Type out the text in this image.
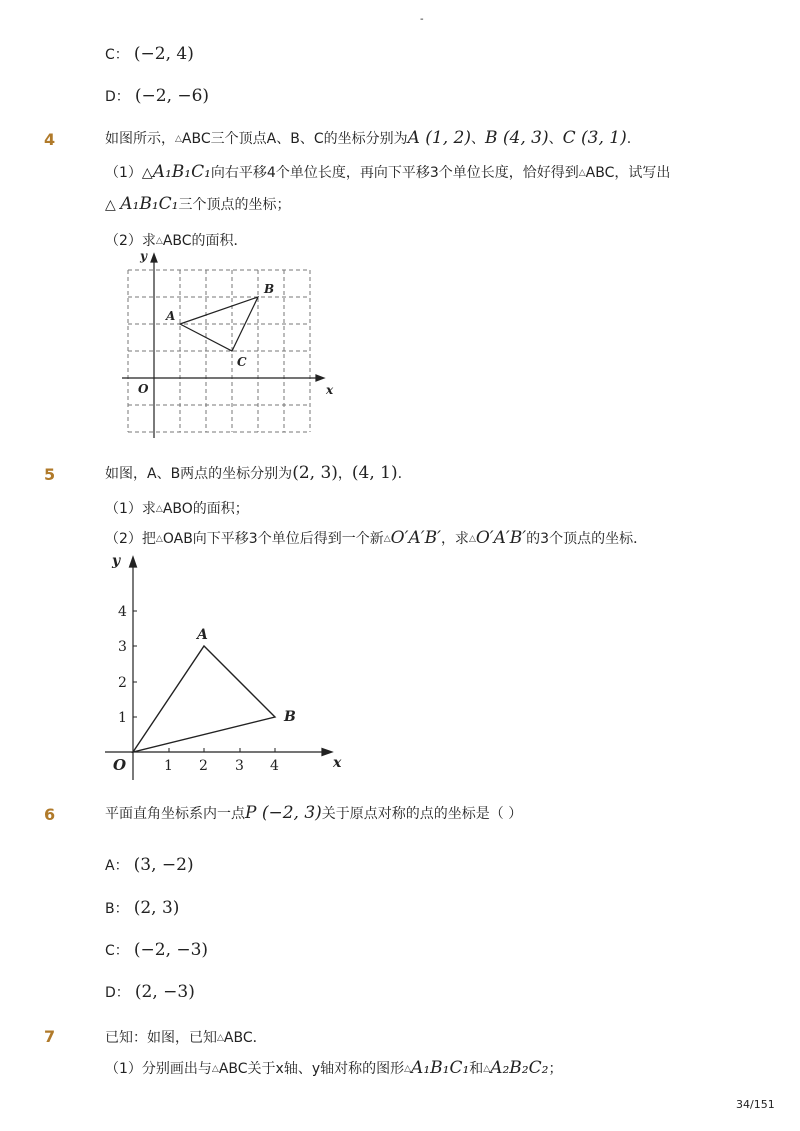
-
C： (−2, 4)
D： (−2, −6)
4	如图所示，△ABC三个顶点A、B、C的坐标分别为A (1, 2)、B (4, 3)、C (3, 1).
（1）△A₁B₁C₁向右平移4个单位长度，再向下平移3个单位长度，恰好得到△ABC，试写出
△ A₁B₁C₁三个顶点的坐标；
（2）求△ABC的面积．
y
x
O
A
B
C
5	如图，A、B两点的坐标分别为(2, 3)，(4, 1).
（1）求△ABO的面积；
（2）把△OAB向下平移3个单位后得到一个新△O′A′B′，求△O′A′B′的3个顶点的坐标．
y
x
O
A
B
1 2 3 4
1
2
3
4
6	平面直角坐标系内一点P (−2, 3)关于原点对称的点的坐标是（ ）
A： (3, −2)
B： (2, 3)
C： (−2, −3)
D： (2, −3)
7	已知：如图，已知△ABC．
（1）分别画出与△ABC关于x轴、y轴对称的图形△A₁B₁C₁和△A₂B₂C₂；
34/151
